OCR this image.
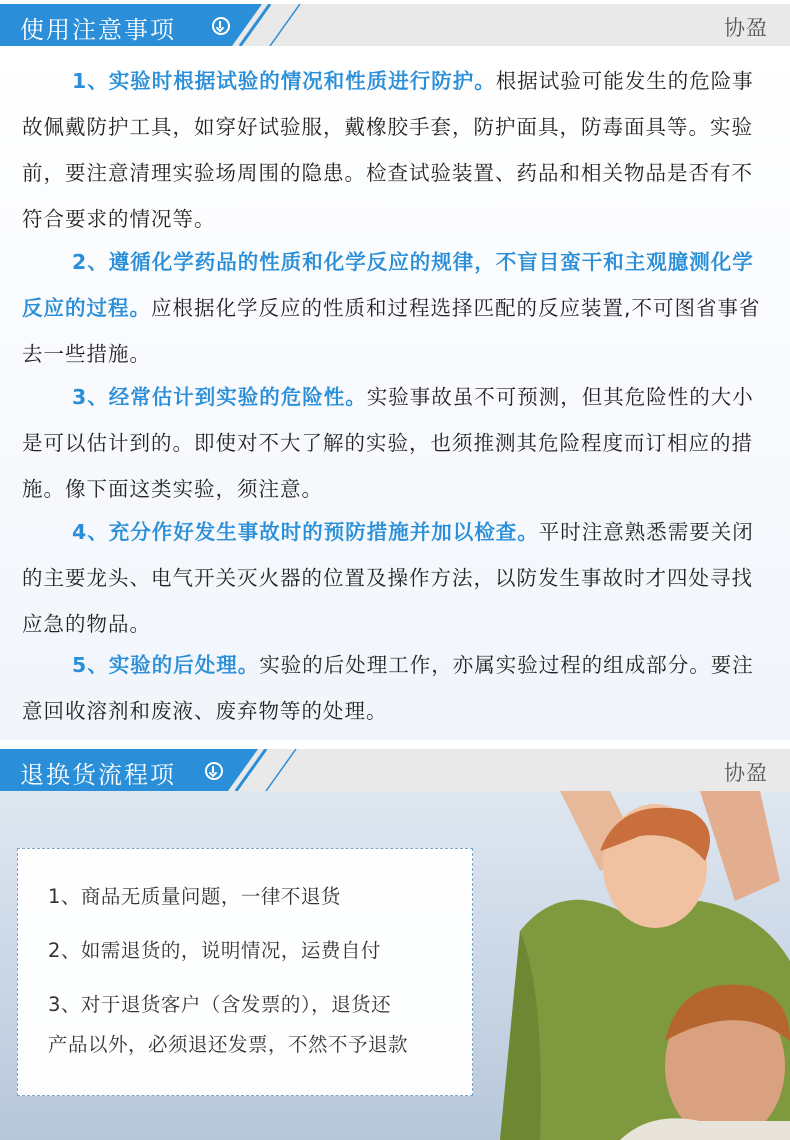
使用注意事项	协盈

1、实验时根据试验的情况和性质进行防护。根据试验可能发生的危险事故佩戴防护工具，如穿好试验服，戴橡胶手套，防护面具，防毒面具等。实验前，要注意清理实验场周围的隐患。检查试验装置、药品和相关物品是否有不符合要求的情况等。

2、遵循化学药品的性质和化学反应的规律，不盲目蛮干和主观臆测化学反应的过程。应根据化学反应的性质和过程选择匹配的反应装置,不可图省事省去一些措施。

3、经常估计到实验的危险性。实验事故虽不可预测，但其危险性的大小是可以估计到的。即使对不大了解的实验，也须推测其危险程度而订相应的措施。像下面这类实验，须注意。

4、充分作好发生事故时的预防措施并加以检查。平时注意熟悉需要关闭的主要龙头、电气开关灭火器的位置及操作方法，以防发生事故时才四处寻找应急的物品。

5、实验的后处理。实验的后处理工作，亦属实验过程的组成部分。要注意回收溶剂和废液、废弃物等的处理。

退换货流程项	协盈
1、商品无质量问题，一律不退货
2、如需退货的，说明情况，运费自付
3、对于退货客户（含发票的），退货还
产品以外，必须退还发票，不然不予退款
